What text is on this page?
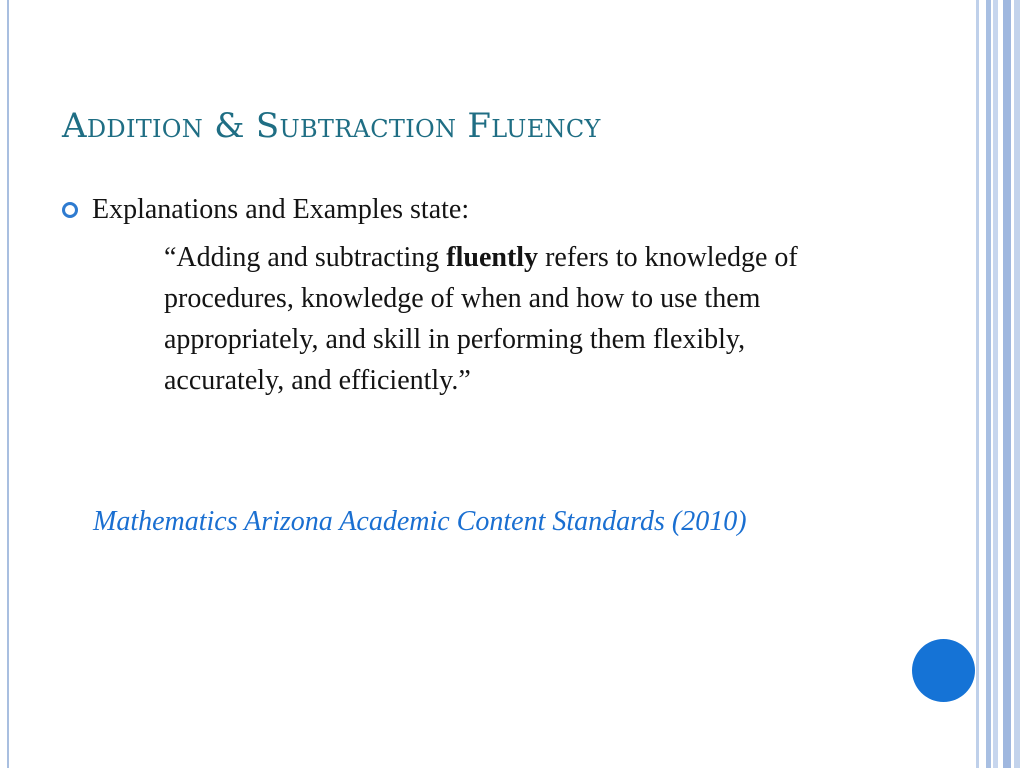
Addition & Subtraction Fluency
Explanations and Examples state:

“Adding and subtracting fluently refers to knowledge of procedures, knowledge of when and how to use them appropriately, and skill in performing them flexibly, accurately, and efficiently.”

Mathematics Arizona Academic Content Standards (2010)
